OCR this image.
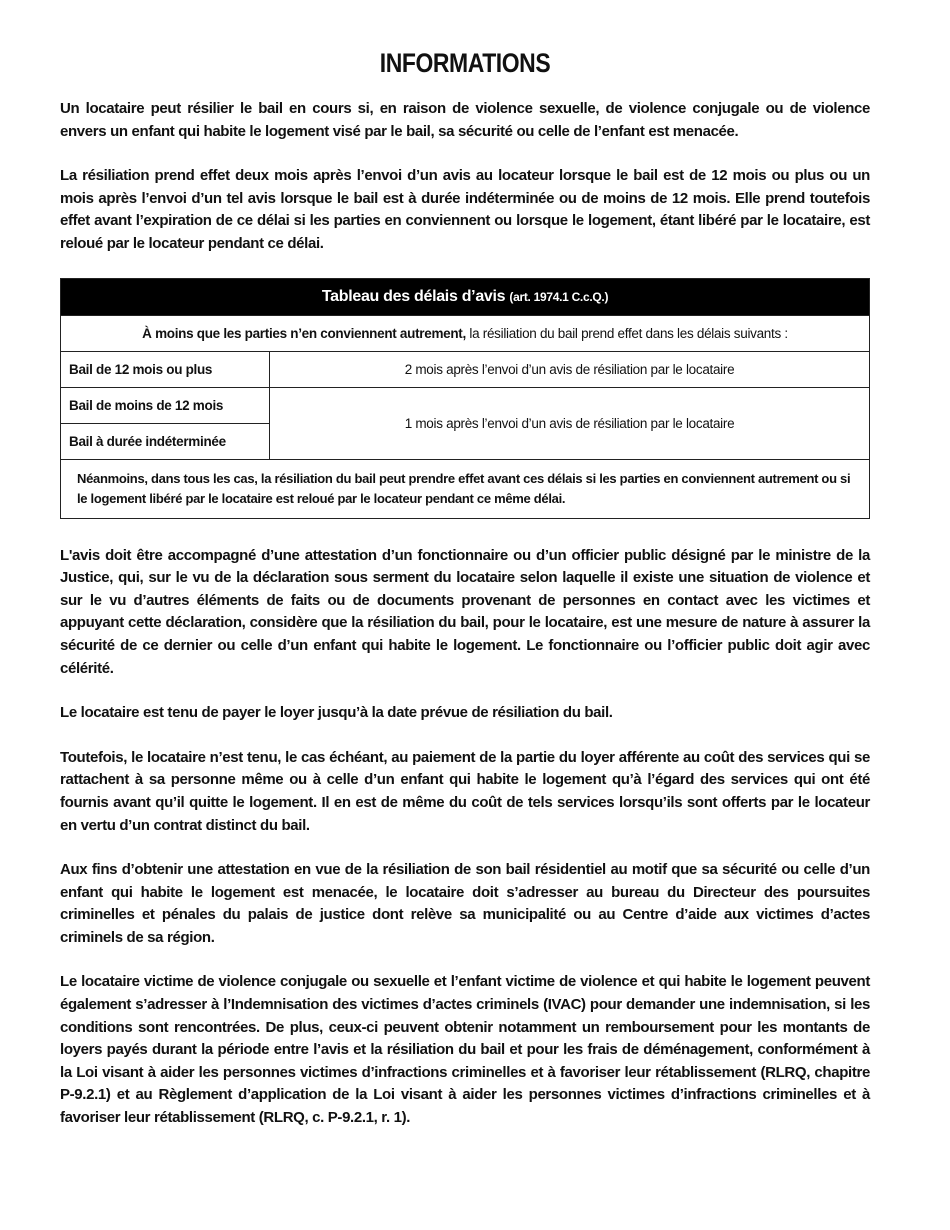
INFORMATIONS

Un locataire peut résilier le bail en cours si, en raison de violence sexuelle, de violence conjugale ou de violence envers un enfant qui habite le logement visé par le bail, sa sécurité ou celle de l’enfant est menacée.

La résiliation prend effet deux mois après l’envoi d’un avis au locateur lorsque le bail est de 12 mois ou plus ou un mois après l’envoi d’un tel avis lorsque le bail est à durée indéterminée ou de moins de 12 mois. Elle prend toutefois effet avant l’expiration de ce délai si les parties en conviennent ou lorsque le logement, étant libéré par le locataire, est reloué par le locateur pendant ce délai.

Tableau des délais d’avis (art. 1974.1 C.c.Q.)	
À moins que les parties n’en conviennent autrement, la résiliation du bail prend effet dans les délais suivants :	
Bail de 12 mois ou plus	2 mois après l’envoi d’un avis de résiliation par le locataire
Bail de moins de 12 mois	1 mois après l’envoi d’un avis de résiliation par le locataire
Bail à durée indéterminée	
Néanmoins, dans tous les cas, la résiliation du bail peut prendre effet avant ces délais si les parties en conviennent autrement ou si le logement libéré par le locataire est reloué par le locateur pendant ce même délai.	

L'avis doit être accompagné d’une attestation d’un fonctionnaire ou d’un officier public désigné par le ministre de la Justice, qui, sur le vu de la déclaration sous serment du locataire selon laquelle il existe une situation de violence et sur le vu d’autres éléments de faits ou de documents provenant de personnes en contact avec les victimes et appuyant cette déclaration, considère que la résiliation du bail, pour le locataire, est une mesure de nature à assurer la sécurité de ce dernier ou celle d’un enfant qui habite le logement. Le fonctionnaire ou l’officier public doit agir avec célérité.

Le locataire est tenu de payer le loyer jusqu’à la date prévue de résiliation du bail.

Toutefois, le locataire n’est tenu, le cas échéant, au paiement de la partie du loyer afférente au coût des services qui se rattachent à sa personne même ou à celle d’un enfant qui habite le logement qu’à l’égard des services qui ont été fournis avant qu’il quitte le logement. Il en est de même du coût de tels services lorsqu’ils sont offerts par le locateur en vertu d’un contrat distinct du bail.

Aux fins d’obtenir une attestation en vue de la résiliation de son bail résidentiel au motif que sa sécurité ou celle d’un enfant qui habite le logement est menacée, le locataire doit s’adresser au bureau du Directeur des poursuites criminelles et pénales du palais de justice dont relève sa municipalité ou au Centre d’aide aux victimes d’actes criminels de sa région.

Le locataire victime de violence conjugale ou sexuelle et l’enfant victime de violence et qui habite le logement peuvent également s’adresser à l’Indemnisation des victimes d’actes criminels (IVAC) pour demander une indemnisation, si les conditions sont rencontrées. De plus, ceux-ci peuvent obtenir notamment un remboursement pour les montants de loyers payés durant la période entre l’avis et la résiliation du bail et pour les frais de déménagement, conformément à la Loi visant à aider les personnes victimes d’infractions criminelles et à favoriser leur rétablissement (RLRQ, chapitre P-9.2.1) et au Règlement d’application de la Loi visant à aider les personnes victimes d’infractions criminelles et à favoriser leur rétablissement (RLRQ, c. P-9.2.1, r. 1).
